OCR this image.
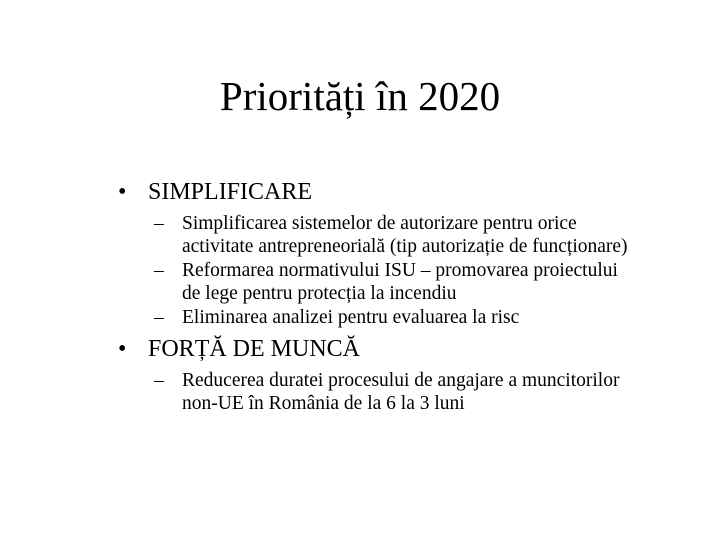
Priorități în 2020
• SIMPLIFICARE
– Simplificarea sistemelor de autorizare pentru orice activitate antrepreneorială (tip autorizație de funcționare)
– Reformarea normativului ISU – promovarea proiectului de lege pentru protecția la incendiu
– Eliminarea analizei pentru evaluarea la risc
• FORȚĂ DE MUNCĂ
– Reducerea duratei procesului de angajare a muncitorilor non-UE în România de la 6 la 3 luni
